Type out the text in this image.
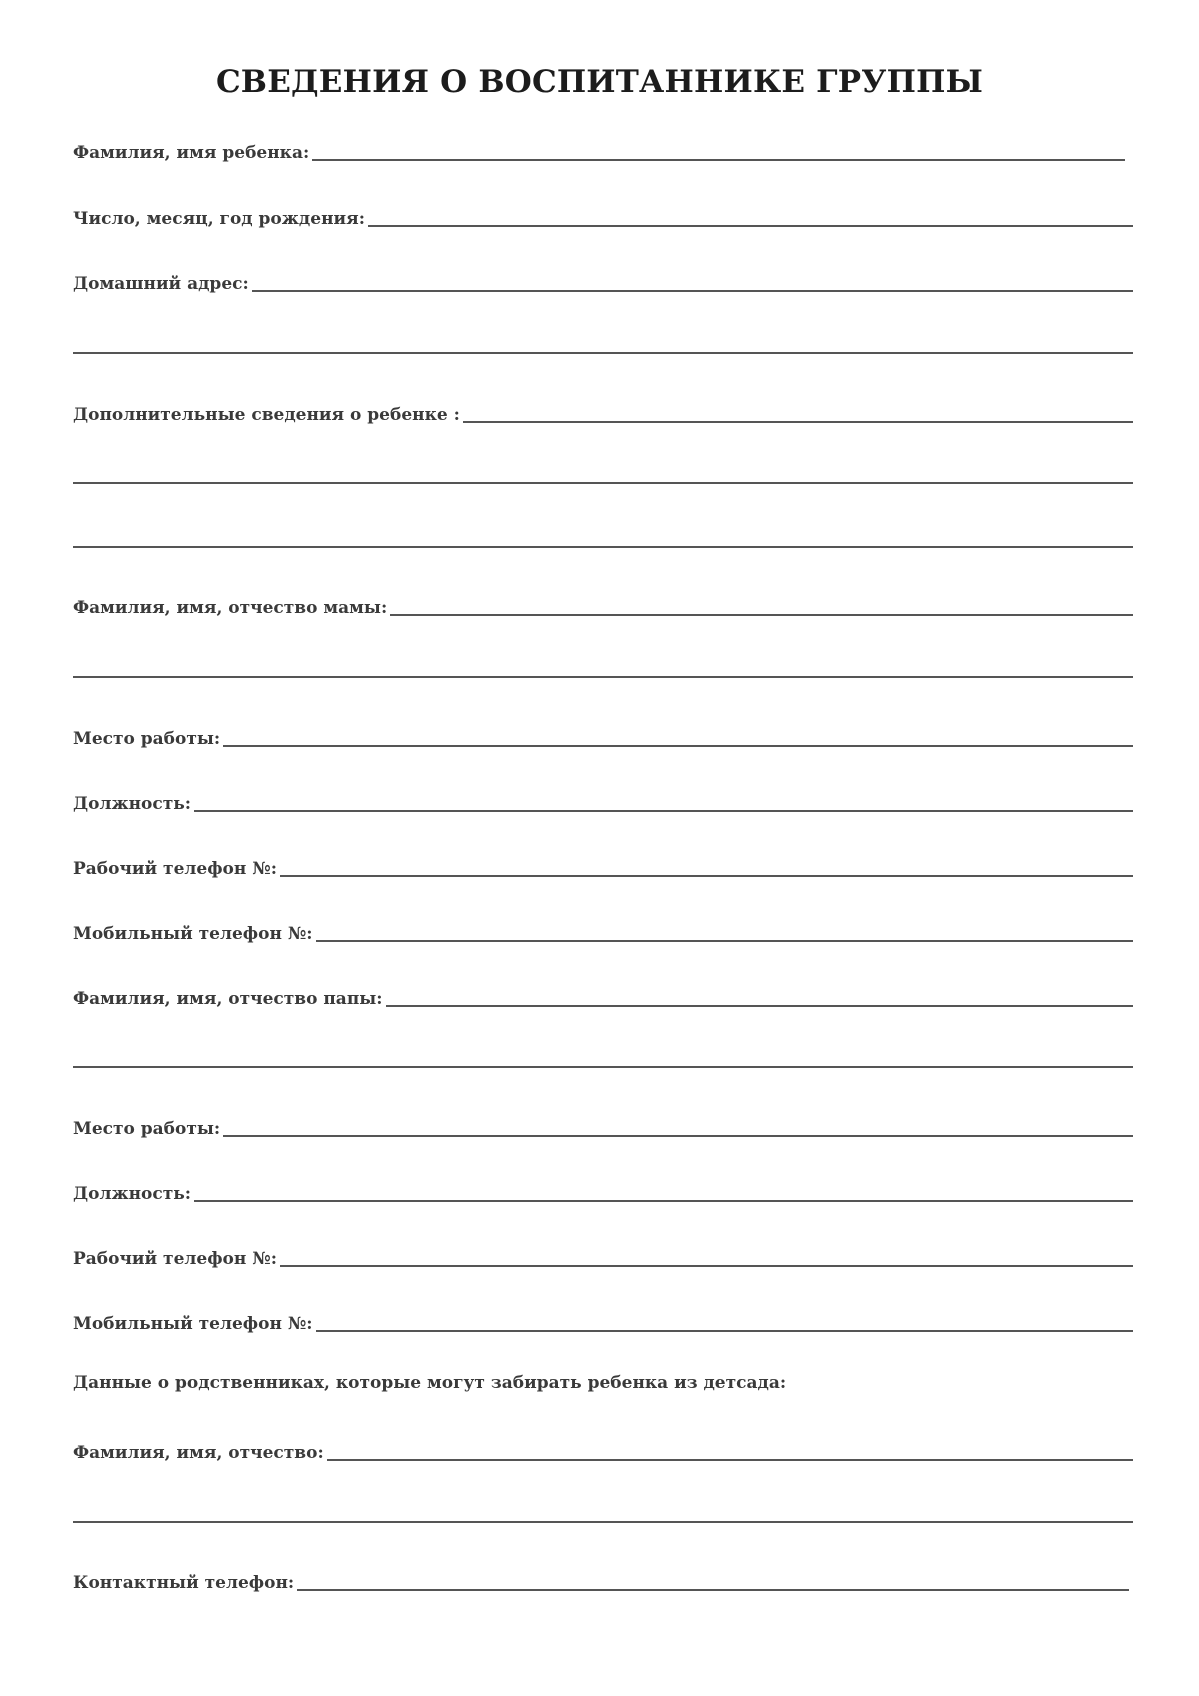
СВЕДЕНИЯ О ВОСПИТАННИКЕ ГРУППЫ
Фамилия, имя ребенка:
Число, месяц, год рождения:
Домашний адрес:
Дополнительные сведения о ребенке :
Фамилия, имя, отчество мамы:
Место работы:
Должность:
Рабочий телефон №:
Мобильный телефон №:
Фамилия, имя, отчество папы:
Место работы:
Должность:
Рабочий телефон №:
Мобильный телефон №:
Данные о родственниках, которые могут забирать ребенка из детсада:
Фамилия, имя, отчество:
Контактный телефон:
